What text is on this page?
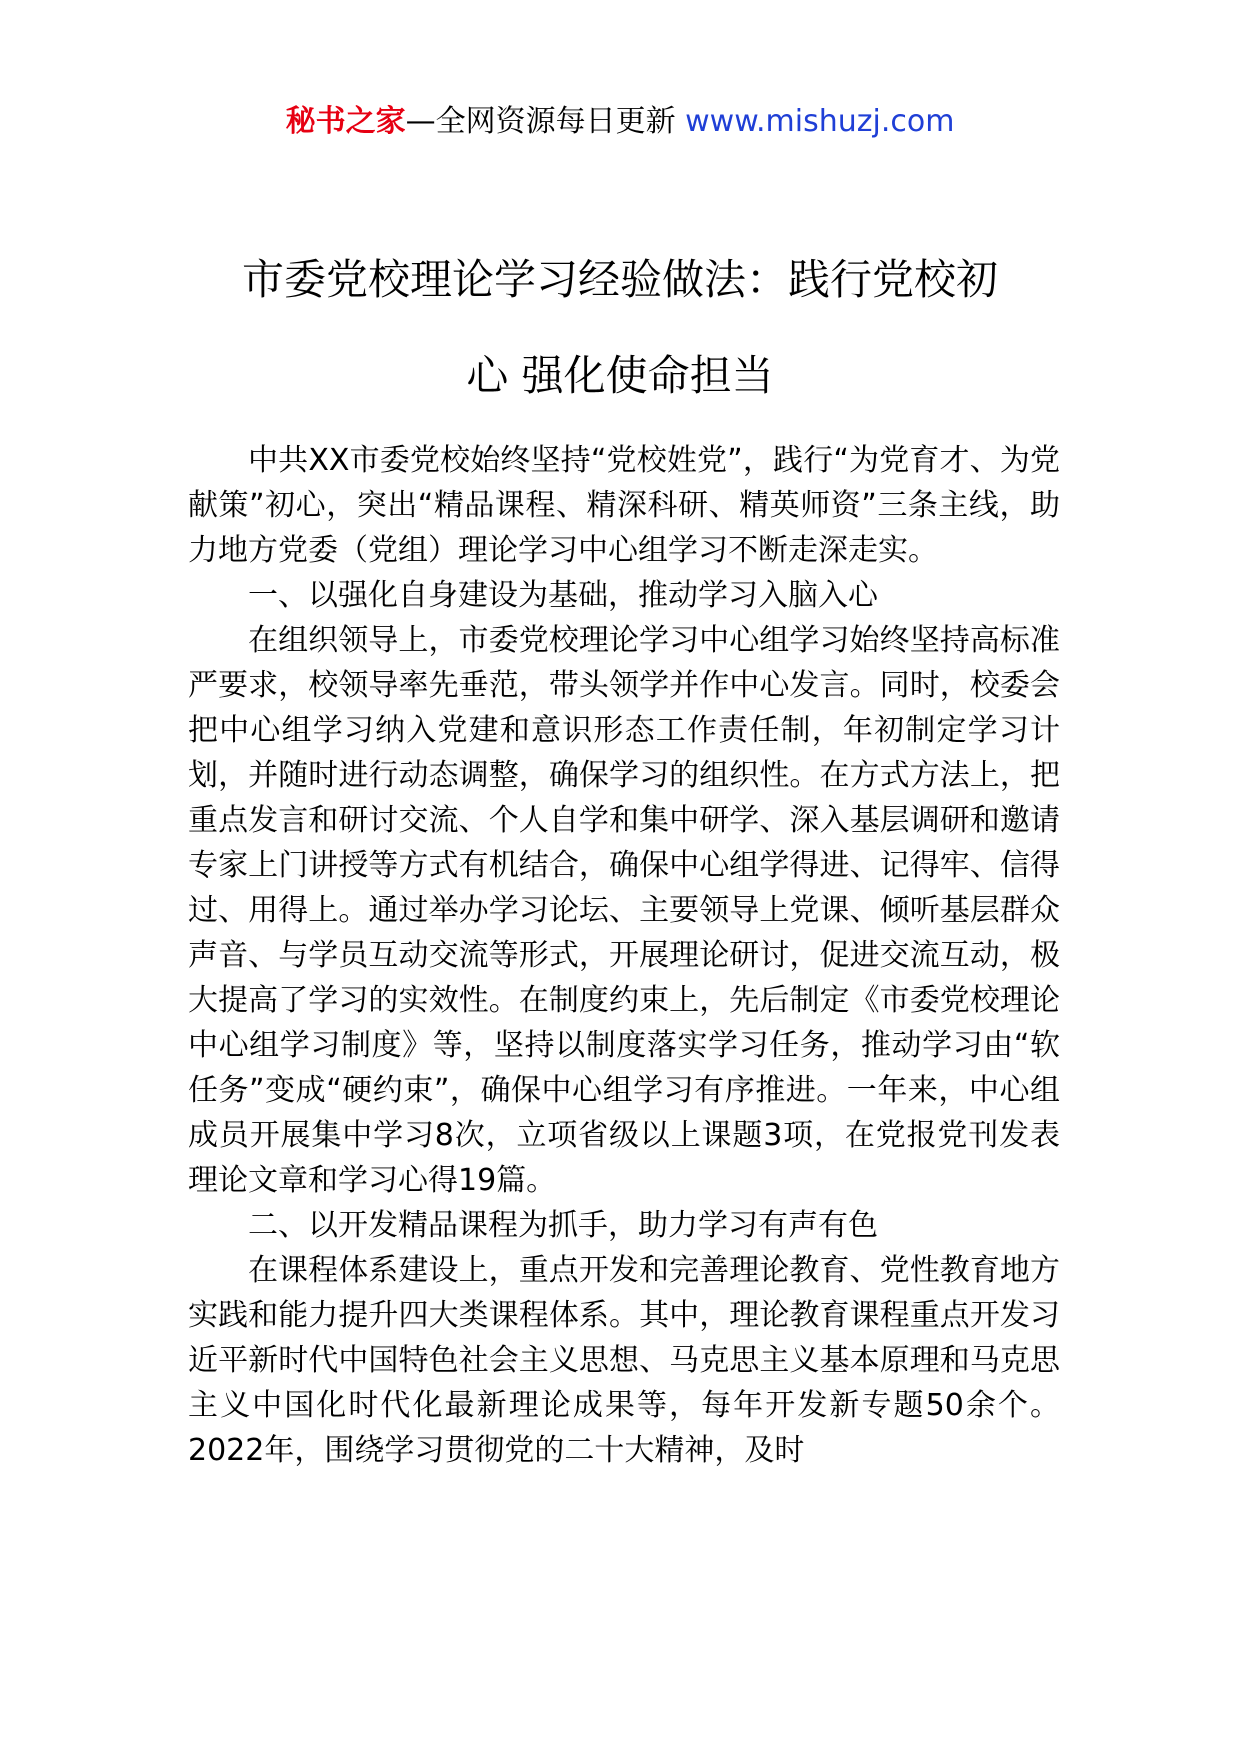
秘书之家—全网资源每日更新 www.mishuzj.com
市委党校理论学习经验做法：践行党校初
心 强化使命担当

中共XX市委党校始终坚持“党校姓党”，践行“为党育才、为党献策”初心，突出“精品课程、精深科研、精英师资”三条主线，助力地方党委（党组）理论学习中心组学习不断走深走实。

一、以强化自身建设为基础，推动学习入脑入心

在组织领导上，市委党校理论学习中心组学习始终坚持高标准严要求，校领导率先垂范，带头领学并作中心发言。同时，校委会把中心组学习纳入党建和意识形态工作责任制，年初制定学习计划，并随时进行动态调整，确保学习的组织性。在方式方法上，把重点发言和研讨交流、个人自学和集中研学、深入基层调研和邀请专家上门讲授等方式有机结合，确保中心组学得进、记得牢、信得过、用得上。通过举办学习论坛、主要领导上党课、倾听基层群众声音、与学员互动交流等形式，开展理论研讨，促进交流互动，极大提高了学习的实效性。在制度约束上，先后制定《市委党校理论中心组学习制度》等，坚持以制度落实学习任务，推动学习由“软任务”变成“硬约束”，确保中心组学习有序推进。一年来，中心组成员开展集中学习8次，立项省级以上课题3项，在党报党刊发表理论文章和学习心得19篇。

二、以开发精品课程为抓手，助力学习有声有色

在课程体系建设上，重点开发和完善理论教育、党性教育地方实践和能力提升四大类课程体系。其中，理论教育课程重点开发习近平新时代中国特色社会主义思想、马克思主义基本原理和马克思主义中国化时代化最新理论成果等，每年开发新专题50余个。2022年，围绕学习贯彻党的二十大精神，及时
